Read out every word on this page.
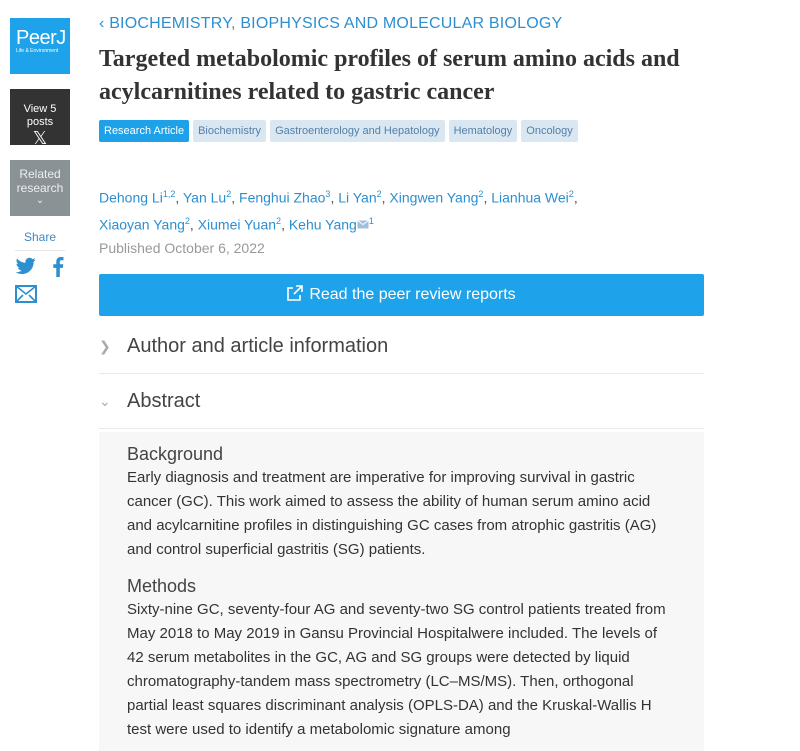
PeerJ
Life & Environment
View 5 posts
𝕏
Related research
⌄
Share
‹ BIOCHEMISTRY, BIOPHYSICS AND MOLECULAR BIOLOGY
Targeted metabolomic profiles of serum amino acids and acylcarnitines related to gastric cancer
Research Article	Biochemistry	Gastroenterology and Hepatology	Hematology	Oncology
Dehong Li$^{1,2}$, Yan Lu$^2$, Fenghui Zhao$^3$, Li Yan$^2$, Xingwen Yang$^2$, Lianhua Wei$^2$,
Xiaoyan Yang$^2$, Xiumei Yuan$^2$, Kehu Yang $^1$
Published October 6, 2022
Read the peer review reports
❯ Author and article information
⌄ Abstract
Background

Early diagnosis and treatment are imperative for improving survival in gastric cancer (GC). This work aimed to assess the ability of human serum amino acid and acylcarnitine profiles in distinguishing GC cases from atrophic gastritis (AG) and control superficial gastritis (SG) patients.

Methods

Sixty-nine GC, seventy-four AG and seventy-two SG control patients treated from May 2018 to May 2019 in Gansu Provincial Hospitalwere included. The levels of 42 serum metabolites in the GC, AG and SG groups were detected by liquid chromatography-tandem mass spectrometry (LC–MS/MS). Then, orthogonal partial least squares discriminant analysis (OPLS-DA) and the Kruskal-Wallis H test were used to identify a metabolomic signature among
